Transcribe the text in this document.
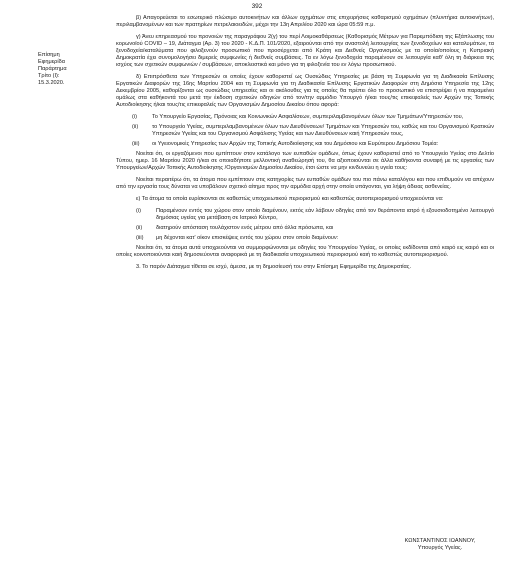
392
Επίσημη
Εφημερίδα
Παράρτημα
Τρίτο (Ι):
15.3.2020.

β) Απαγορεύεται το εσωτερικό πλώσιμο αυτοκινήτων και άλλων οχημάτων στις επιχειρήσεις καθαρισμού οχημάτων (πλυντήρια αυτοκινήτων), περιλαμβανομένων και των πρατηρίων πετρελαιοειδών, μέχρι την 13η Απριλίου 2020 και ώρα 05:59 π.μ.

γ) Άνευ επηρεασμού του προνοιών της παραγράφου 2(γ) του περί Λοιμοκαθάρσεως (Καθορισμός Μέτρων για Παρεμπόδιση της Εξάπλωσης του κορωνοϊού COVID – 19, Διάταγμα (Αρ. 3) του 2020 - Κ.Δ.Π. 101/2020, εξαιρούνται από την αναστολή λειτουργίας των ξενοδοχείων και καταλυμάτων, τα ξενοδοχεία/καταλύματα που φιλοξενούν προσωπικό που προσέρχεται από Κράτη και Διεθνείς Οργανισμούς με τα οποία/οποίους η Κυπριακή Δημοκρατία έχει συνομολογήσει διμερείς συμφωνίες ή διεθνείς συμβάσεις. Τα εν λόγω ξενοδοχεία παραμένουν σε λειτουργία καθ' όλη τη διάρκεια της ισχύος των σχετικών συμφωνιών / συμβάσεων, αποκλειστικά και μόνο για τη φιλοξενία του εν λόγω προσωπικού.

δ) Επιπρόσθετα των Υπηρεσιών οι οποίες έχουν καθοριστεί ως Ουσιώδεις Υπηρεσίες με βάση τη Συμφωνία για τη Διαδικασία Επίλυσης Εργατικών Διαφορών της 16ης Μαρτίου 2004 και τη Συμφωνία για τη Διαδικασία Επίλυσης Εργατικών Διαφορών στη Δημόσια Υπηρεσία της 12ης Δεκεμβρίου 2005, καθορίζονται ως ουσιώδεις υπηρεσίες και οι ακόλουθες για τις οποίες θα πρέπει όλο το προσωπικό να επιστρέψει ή να παραμείνει ομάλως στα καθήκοντά του μετά την έκδοση σχετικών οδηγιών από τον/την αρμόδιο Υπουργό ή/και τους/τις επικεφαλείς των Αρχών της Τοπικής Αυτοδιοίκησης ή/και τους/τις επικεφαλείς των Οργανισμών Δημοσίου Δικαίου όπου αφορά:

(i)	Το Υπουργείο Εργασίας, Πρόνοιας και Κοινωνικών Ασφαλίσεων, συμπεριλαμβανομένων όλων των Τμημάτων/Υπηρεσιών του,
(ii)	το Υπουργείο Υγείας, συμπεριλαμβανομένων όλων των Διευθύνσεων/ Τμημάτων και Υπηρεσιών του, καθώς και του Οργανισμού Κρατικών Υπηρεσιών Υγείας και του Οργανισμού Ασφάλισης Υγείας και των Διευθύνσεων καιή Υπηρεσιών τους,
(iii)	οι Υγειονομικές Υπηρεσίες των Αρχών της Τοπικής Αυτοδιοίκησης και του Δημόσιου και Ευρύτερου Δημόσιου Τομέα:

Νοείται ότι, οι εργαζόμενοι που εμπίπτουν στον κατάλογο των ευπαθών ομάδων, όπως έχουν καθοριστεί από το Υπουργείο Υγείας στο Δελτίο Τύπου, ημερ. 16 Μαρτίου 2020 ή/και σε οποιαδήποτε μελλοντική αναθεώρησή του, θα αξιοποιούνται σε άλλα καθήκοντα συναφή με τις εργασίες των Υπουργείων/Αρχών Τοπικής Αυτοδιοίκησης /Οργανισμών Δημοσίου Δικαίου, έτσι ώστε να μην κινδυνεύει η υγεία τους:

Νοείται περαιτέρω ότι, τα άτομα που εμπίπτουν στις κατηγορίες των ευπαθών ομάδων του πιο πάνω καταλόγου και που επιθυμούν να απέχουν από την εργασία τους δύναται να υποβάλουν σχετικό αίτημα προς την αρμόδια αρχή στην οποία υπάγονται, για λήψη άδειας ασθενείας.

ε) Τα άτομα τα οποία ευρίσκονται σε καθεστώς υποχρεωτικού περιορισμού και καθεστώς αυτοπεριορισμού υποχρεούνται να:

(i)	Παραμένουν εντός του χώρου στον οποίο διαμένουν, εκτός εάν λάβουν οδηγίες από τον θεράποντα ιατρό ή εξουσιοδοτημένο λειτουργό δημόσιας υγείας για μετάβαση σε Ιατρικό Κέντρο,
(ii)	διατηρούν απόσταση τουλάχιστον ενός μέτρου από άλλα πρόσωπα, και
(iii)	μη δέχονται κατ' οίκον επισκέψεις εντός του χώρου στον οποίο διαμένουν:

Νοείται ότι, τα άτομα αυτά υποχρεούνται να συμμορφώνονται με οδηγίες του Υπουργείου Υγείας, οι οποίες εκδίδονται από καιρό εις καιρό και οι οποίες κοινοποιούνται καιή δημοσιεύονται αναφορικά με τη διαδικασία υποχρεωτικού περιορισμού καιή το καθεστώς αυτοπεριορισμού.

3. Το παρόν Διάταγμα τίθεται σε ισχύ, άμεσα, με τη δημοσίευσή του στην Επίσημη Εφημερίδα της Δημοκρατίας.

ΚΩΝΣΤΑΝΤΙΝΟΣ ΙΩΑΝΝΟΥ,
Υπουργός Υγείας.
